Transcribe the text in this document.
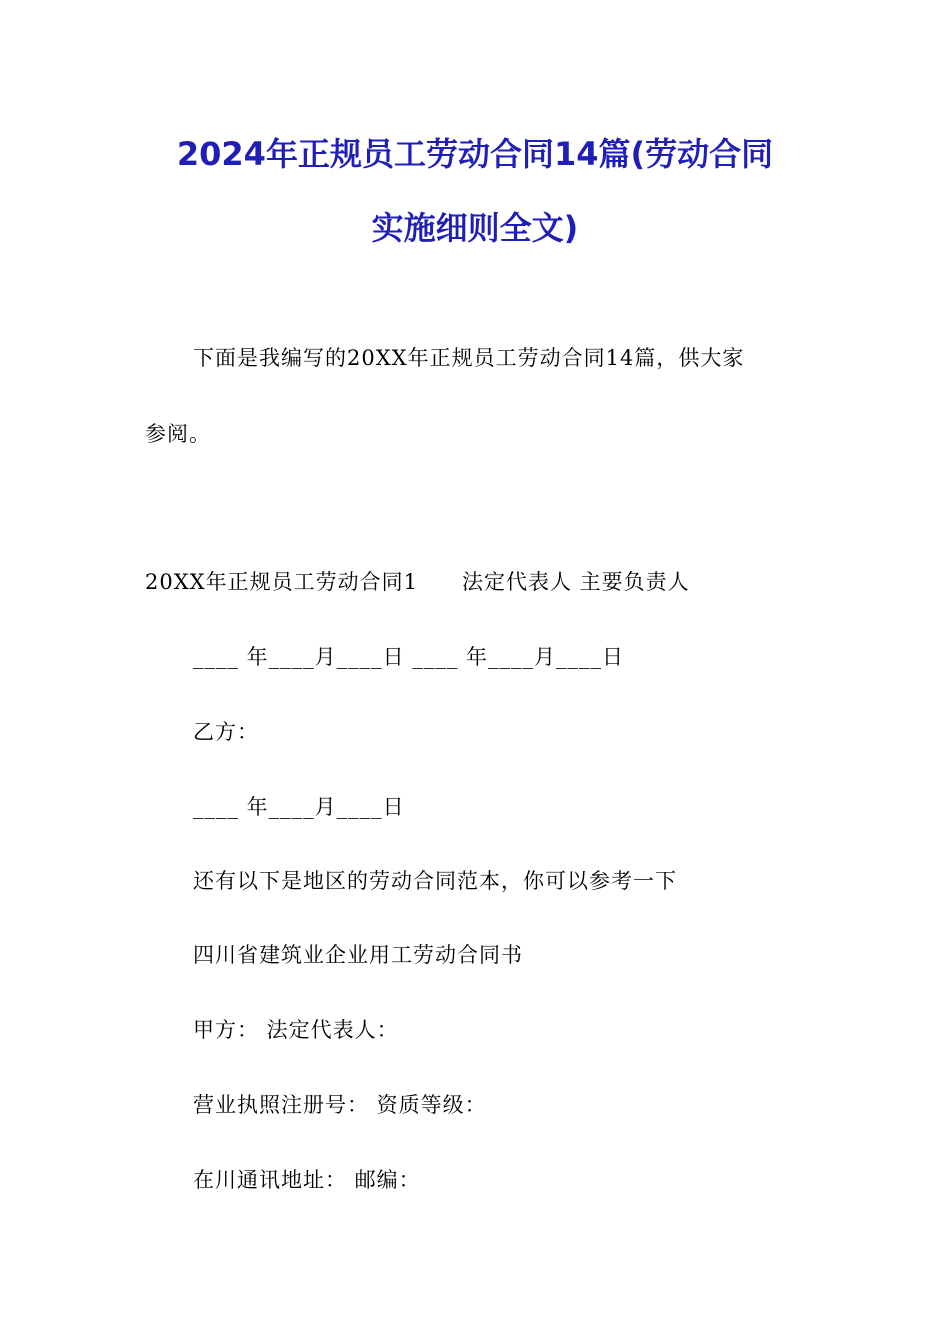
2024年正规员工劳动合同14篇(劳动合同
实施细则全文)
下面是我编写的20XX年正规员工劳动合同14篇，供大家
参阅。
20XX年正规员工劳动合同1　　法定代表人 主要负责人
____ 年____月____日 ____ 年____月____日
乙方：
____ 年____月____日
还有以下是地区的劳动合同范本，你可以参考一下
四川省建筑业企业用工劳动合同书
甲方： 法定代表人：
营业执照注册号： 资质等级：
在川通讯地址： 邮编：
